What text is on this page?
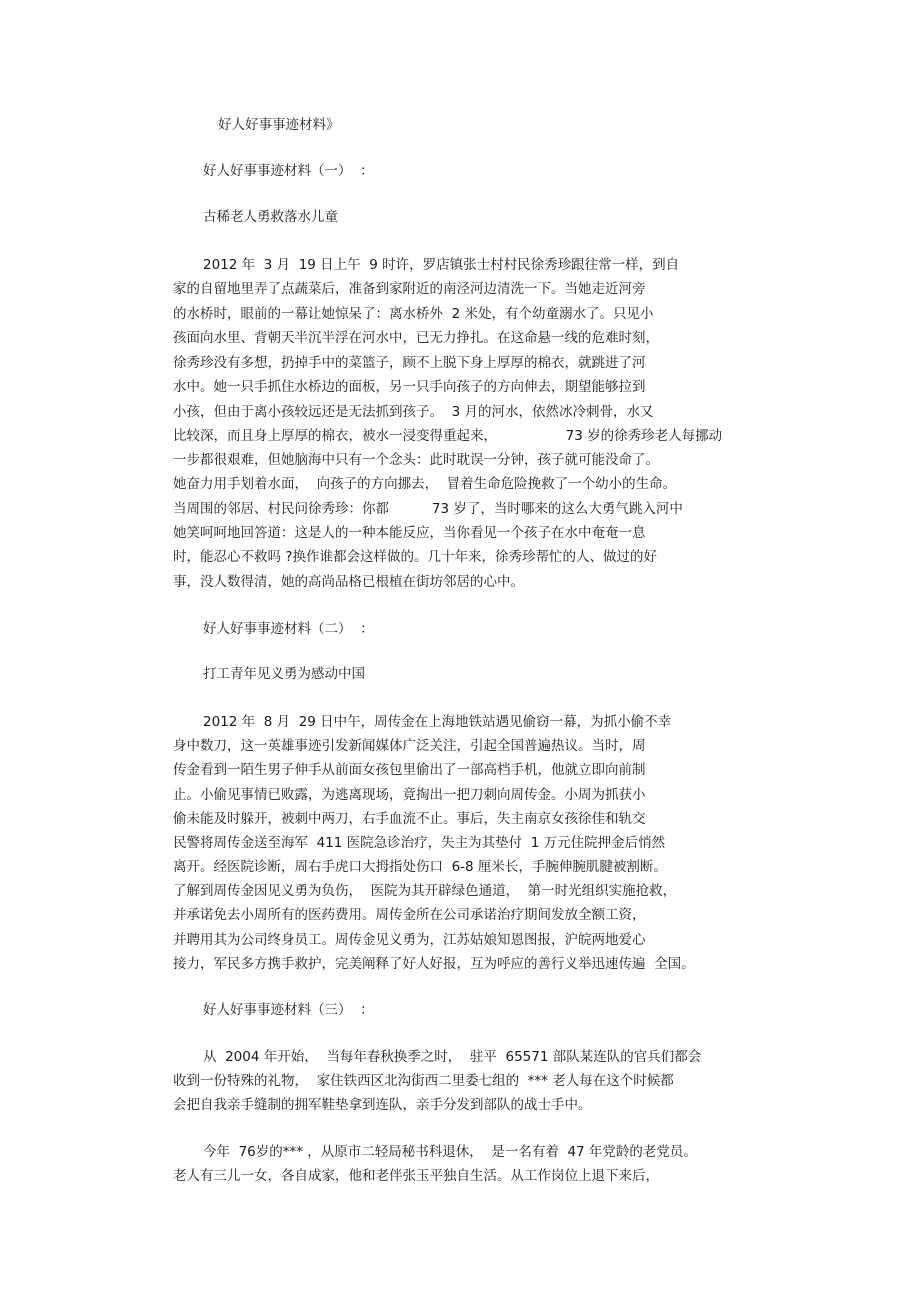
好人好事事迹材料》

好人好事事迹材料（一）  ：

古稀老人勇救落水儿童

2012 年  3 月  19 日上午  9 时许，罗店镇张士村村民徐秀珍跟往常一样，到自

家的自留地里弄了点蔬菜后，准备到家附近的南泾河边清洗一下。当她走近河旁

的水桥时，眼前的一幕让她惊呆了：离水桥外  2 米处，有个幼童溺水了。只见小

孩面向水里、背朝天半沉半浮在河水中，已无力挣扎。在这命悬一线的危难时刻，

徐秀珍没有多想，扔掉手中的菜篮子，顾不上脱下身上厚厚的棉衣，就跳进了河

水中。她一只手抓住水桥边的面板，另一只手向孩子的方向伸去，期望能够拉到

小孩，但由于离小孩较远还是无法抓到孩子。  3 月的河水，依然冰冷刺骨，水又

比较深，而且身上厚厚的棉衣，被水一浸变得重起来，                73 岁的徐秀珍老人每挪动

一步都很艰难，但她脑海中只有一个念头：此时耽误一分钟，孩子就可能没命了。

她奋力用手划着水面，  向孩子的方向挪去，  冒着生命危险挽救了一个幼小的生命。

当周围的邻居、村民问徐秀珍：你都          73 岁了，当时哪来的这么大勇气跳入河中

她笑呵呵地回答道：这是人的一种本能反应，当你看见一个孩子在水中奄奄一息

时，能忍心不救吗 ?换作谁都会这样做的。几十年来，徐秀珍帮忙的人、做过的好

事，没人数得清，她的高尚品格已根植在街坊邻居的心中。

好人好事事迹材料（二）  ：

打工青年见义勇为感动中国

2012 年  8 月  29 日中午，周传金在上海地铁站遇见偷窃一幕，为抓小偷不幸

身中数刀，这一英雄事迹引发新闻媒体广泛关注，引起全国普遍热议。当时，周

传金看到一陌生男子伸手从前面女孩包里偷出了一部高档手机，他就立即向前制

止。小偷见事情已败露，为逃离现场，竟掏出一把刀刺向周传金。小周为抓获小

偷未能及时躲开，被刺中两刀，右手血流不止。事后，失主南京女孩徐佳和轨交

民警将周传金送至海军  411 医院急诊治疗，失主为其垫付  1 万元住院押金后悄然

离开。经医院诊断，周右手虎口大拇指处伤口  6-8 厘米长，手腕伸腕肌腱被割断。

了解到周传金因见义勇为负伤，  医院为其开辟绿色通道，  第一时光组织实施抢救，

并承诺免去小周所有的医药费用。周传金所在公司承诺治疗期间发放全额工资，

并聘用其为公司终身员工。周传金见义勇为，江苏姑娘知恩图报，沪皖两地爱心

接力，军民多方携手救护，完美阐释了好人好报，互为呼应的善行义举迅速传遍  全国。

好人好事事迹材料（三）  ：

从  2004 年开始，  当每年春秋换季之时，  驻平  65571 部队某连队的官兵们都会

收到一份特殊的礼物，  家住铁西区北沟街西二里委七组的  *** 老人每在这个时候都

会把自我亲手缝制的拥军鞋垫拿到连队，亲手分发到部队的战士手中。

今年  76岁的*** ，从原市二轻局秘书科退休，  是一名有着  47 年党龄的老党员。

老人有三儿一女，各自成家，他和老伴张玉平独自生活。从工作岗位上退下来后，
